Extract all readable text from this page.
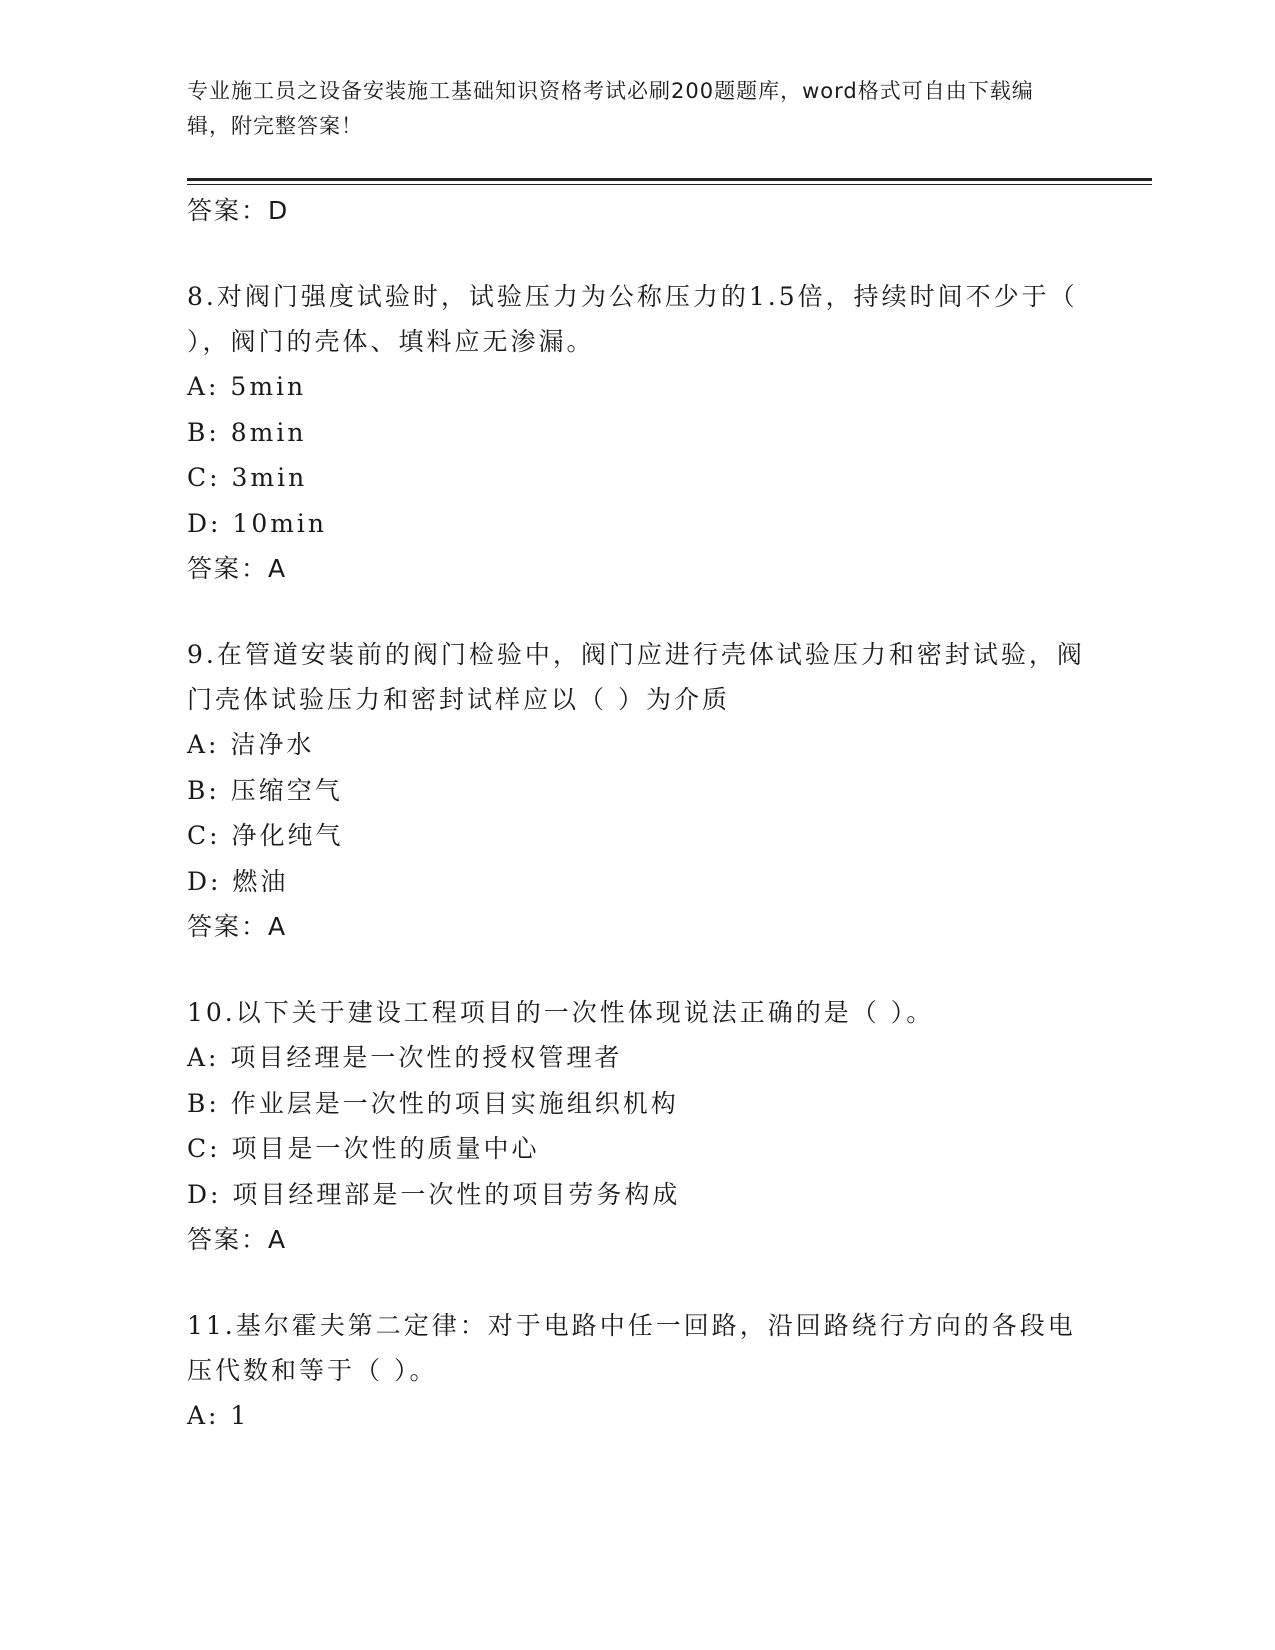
专业施工员之设备安装施工基础知识资格考试必刷200题题库，word格式可自由下载编辑，附完整答案！
答案：D
8.对阀门强度试验时，试验压力为公称压力的1.5倍，持续时间不少于（ ），阀门的壳体、填料应无渗漏。
A: 5min
B: 8min
C: 3min
D: 10min
答案：A
9.在管道安装前的阀门检验中，阀门应进行壳体试验压力和密封试验，阀门壳体试验压力和密封试样应以（ ）为介质
A: 洁净水
B: 压缩空气
C: 净化纯气
D: 燃油
答案：A
10.以下关于建设工程项目的一次性体现说法正确的是（ ）。
A: 项目经理是一次性的授权管理者
B: 作业层是一次性的项目实施组织机构
C: 项目是一次性的质量中心
D: 项目经理部是一次性的项目劳务构成
答案：A
11.基尔霍夫第二定律：对于电路中任一回路，沿回路绕行方向的各段电压代数和等于（ ）。
A: 1
